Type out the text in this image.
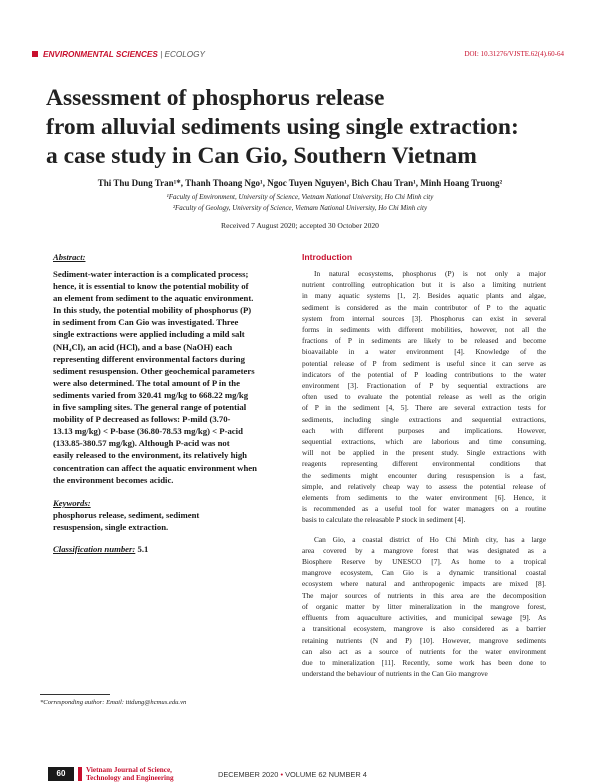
ENVIRONMENTAL SCIENCES | ECOLOGY	DOI: 10.31276/VJSTE.62(4).60-64
Assessment of phosphorus release
from alluvial sediments using single extraction:
a case study in Can Gio, Southern Vietnam
Thi Thu Dung Tran¹*, Thanh Thoang Ngo¹, Ngoc Tuyen Nguyen¹, Bich Chau Tran¹, Minh Hoang Truong²
¹Faculty of Environment, University of Science, Vietnam National University, Ho Chi Minh city
²Faculty of Geology, University of Science, Vietnam National University, Ho Chi Minh city
Received 7 August 2020; accepted 30 October 2020
Abstract:

Sediment-water interaction is a complicated process;
hence, it is essential to know the potential mobility of
an element from sediment to the aquatic environment.
In this study, the potential mobility of phosphorus (P)
in sediment from Can Gio was investigated. Three
single extractions were applied including a mild salt
(NH₄Cl), an acid (HCl), and a base (NaOH) each
representing different environmental factors during
sediment resuspension. Other geochemical parameters
were also determined. The total amount of P in the
sediments varied from 320.41 mg/kg to 668.22 mg/kg
in five sampling sites. The general range of potential
mobility of P decreased as follows: P-mild (3.70-
13.13 mg/kg) < P-base (36.80-78.53 mg/kg) < P-acid
(133.85-380.57 mg/kg). Although P-acid was not
easily released to the environment, its relatively high
concentration can affect the aquatic environment when
the environment becomes acidic.

Keywords:
phosphorus release, sediment, sediment
resuspension, single extraction.
Classification number: 5.1
Introduction

In natural ecosystems, phosphorus (P) is not only a major
nutrient controlling eutrophication but it is also a limiting nutrient
in many aquatic systems [1, 2]. Besides aquatic plants and algae,
sediment is considered as the main contributor of P to the aquatic
system from internal sources [3]. Phosphorus can exist in several
forms in sediments with different mobilities, however, not all the
fractions of P in sediments are likely to be released and become
bioavailable in a water environment [4]. Knowledge of the
potential release of P from sediment is useful since it can serve as
indicators of the potential of P loading contributions to the water
environment [3]. Fractionation of P by sequential extractions are
often used to evaluate the potential release as well as the origin
of P in the sediment [4, 5]. There are several extraction tests for
sediments, including single extractions and sequential extractions,
each with different purposes and implications. However,
sequential extractions, which are laborious and time consuming,
will not be applied in the present study. Single extractions with
reagents representing different environmental conditions that
the sediments might encounter during resuspension is a fast,
simple, and relatively cheap way to assess the potential release of
elements from sediments to the water environment [6]. Hence, it
is recommended as a useful tool for water managers on a routine
basis to calculate the releasable P stock in sediment [4].

Can Gio, a coastal district of Ho Chi Minh city, has a large
area covered by a mangrove forest that was designated as a
Biosphere Reserve by UNESCO [7]. As home to a tropical
mangrove ecosystem, Can Gio is a dynamic transitional coastal
ecosystem where natural and anthropogenic impacts are mixed [8].
The major sources of nutrients in this area are the decomposition
of organic matter by litter mineralization in the mangrove forest,
effluents from aquaculture activities, and municipal sewage [9]. As
a transitional ecosystem, mangrove is also considered as a barrier
retaining nutrients (N and P) [10]. However, mangrove sediments
can also act as a source of nutrients for the water environment
due to mineralization [11]. Recently, some work has been done to
understand the behaviour of nutrients in the Can Gio mangrove

*Corresponding author: Email: tttdung@hcmus.edu.vn
60	Vietnam Journal of Science,
Technology and Engineering	DECEMBER 2020 • VOLUME 62 NUMBER 4
